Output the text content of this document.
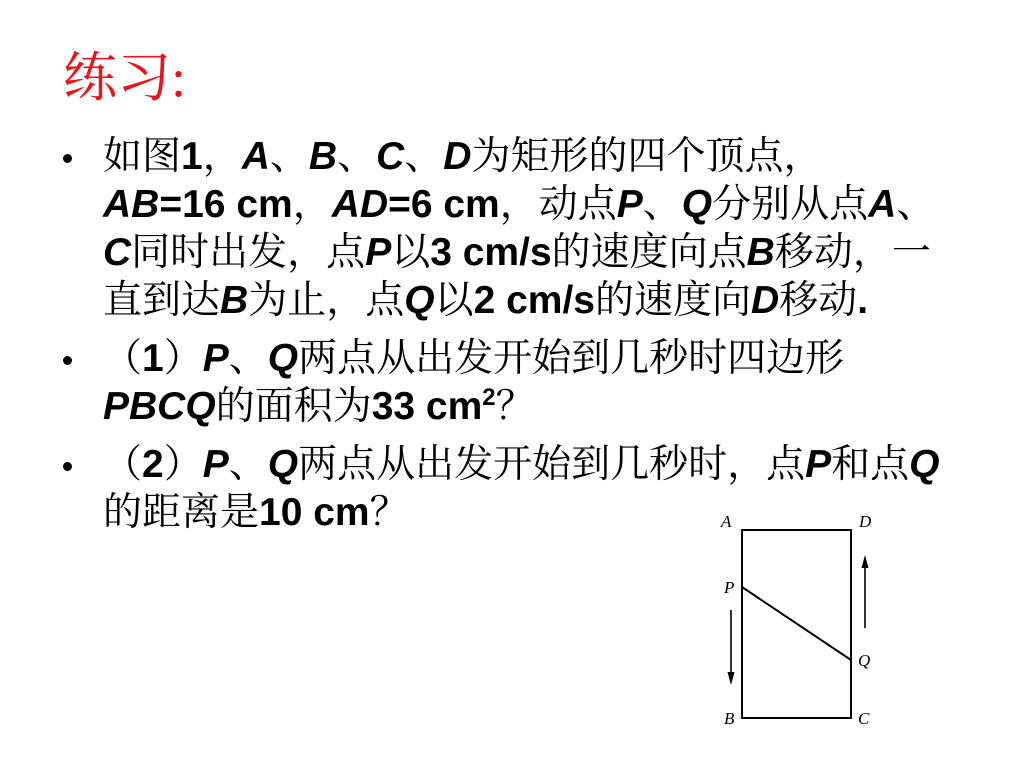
练习:
如图 1 ， A 、 B 、 C 、 D 为矩形的四个顶点，
AB =16 cm ， AD =6 cm ，动点 P 、 Q 分别从点 A 、
C 同时出发，点 P 以 3 cm/s 的速度向点 B 移动，一
直到达 B 为止，点 Q 以 2 cm/s 的速度向 D 移动 .
（ 1 ） P 、 Q 两点从出发开始到几秒时四边形
PBCQ 的面积为 33 cm 2 ？
（ 2 ） P 、 Q 两点从出发开始到几秒时，点 P 和点 Q
的距离是 10 cm ？	A	D
P
Q
B	C
